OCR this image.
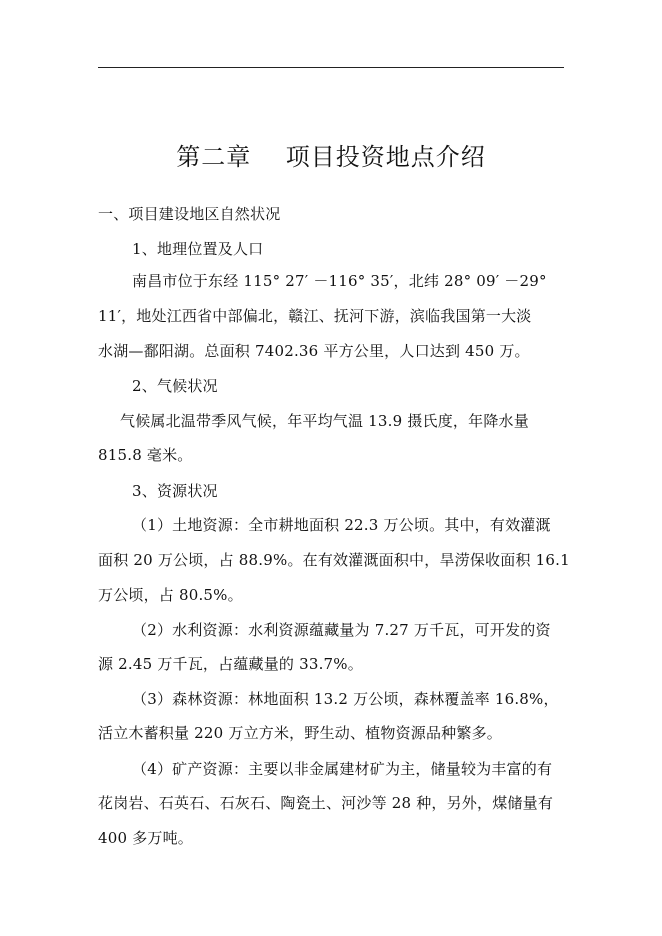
第二章    项目投资地点介绍
一、项目建设地区自然状况
1、地理位置及人口
南昌市位于东经 115° 27′ －116° 35′，北纬 28° 09′ －29°
11′，地处江西省中部偏北，赣江、抚河下游，滨临我国第一大淡
水湖—鄱阳湖。总面积 7402.36 平方公里，人口达到 450 万。
2、气候状况
气候属北温带季风气候，年平均气温 13.9 摄氏度，年降水量
815.8 毫米。
3、资源状况
（1）土地资源：全市耕地面积 22.3 万公顷。其中，有效灌溉
面积 20 万公顷，占 88.9%。在有效灌溉面积中，旱涝保收面积 16.1
万公顷，占 80.5%。
（2）水利资源：水利资源蕴藏量为 7.27 万千瓦，可开发的资
源 2.45 万千瓦，占蕴藏量的 33.7%。
（3）森林资源：林地面积 13.2 万公顷，森林覆盖率 16.8%，
活立木蓄积量 220 万立方米，野生动、植物资源品种繁多。
（4）矿产资源：主要以非金属建材矿为主，储量较为丰富的有
花岗岩、石英石、石灰石、陶瓷土、河沙等 28 种，另外，煤储量有
400 多万吨。
